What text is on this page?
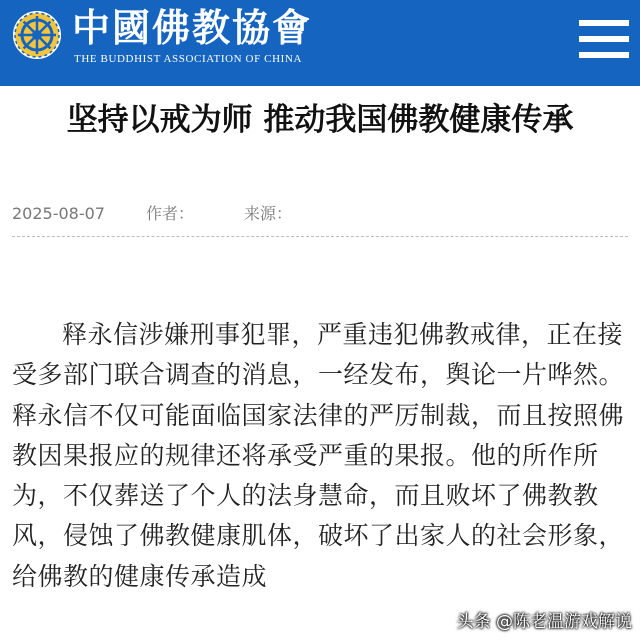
中國佛教協會
THE BUDDHIST ASSOCIATION OF CHINA
坚持以戒为师 推动我国佛教健康传承
2025-08-07	作者：	来源：

释永信涉嫌刑事犯罪，严重违犯佛教戒律，正在接受多部门联合调查的消息，一经发布，舆论一片哗然。释永信不仅可能面临国家法律的严厉制裁，而且按照佛教因果报应的规律还将承受严重的果报。他的所作所为，不仅葬送了个人的法身慧命，而且败坏了佛教教风，侵蚀了佛教健康肌体，破坏了出家人的社会形象，给佛教的健康传承造成

头条 @陈老温游戏解说
